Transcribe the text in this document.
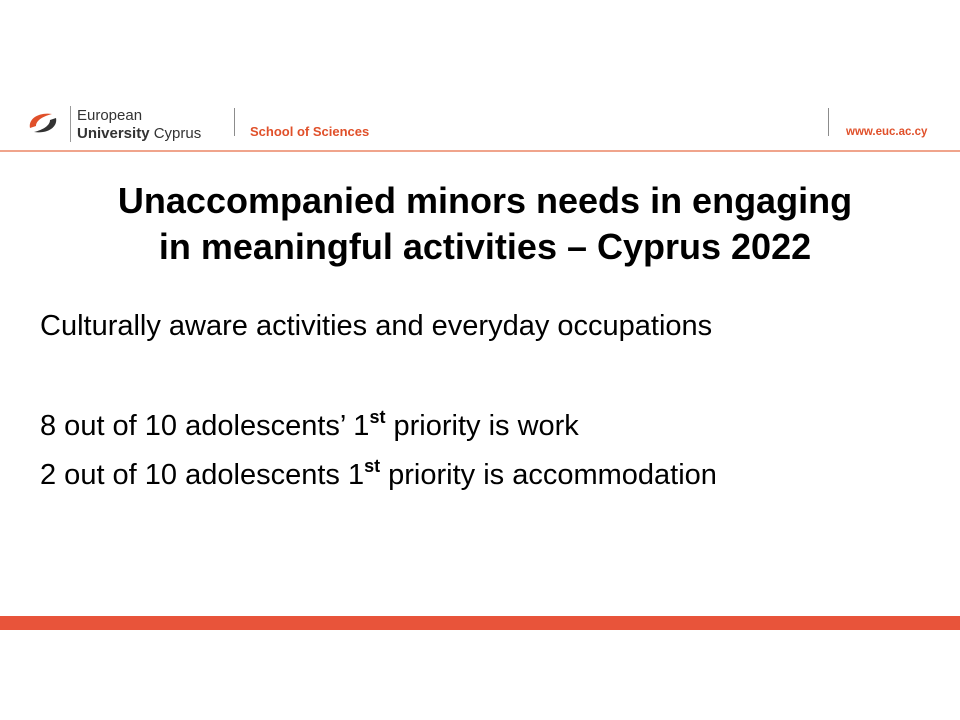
European
University Cyprus	School of Sciences	www.euc.ac.cy
Unaccompanied minors needs in engaging
in meaningful activities – Cyprus 2022
Culturally aware activities and everyday occupations
8 out of 10 adolescents’ 1st priority is work
2 out of 10 adolescents 1st priority is accommodation
